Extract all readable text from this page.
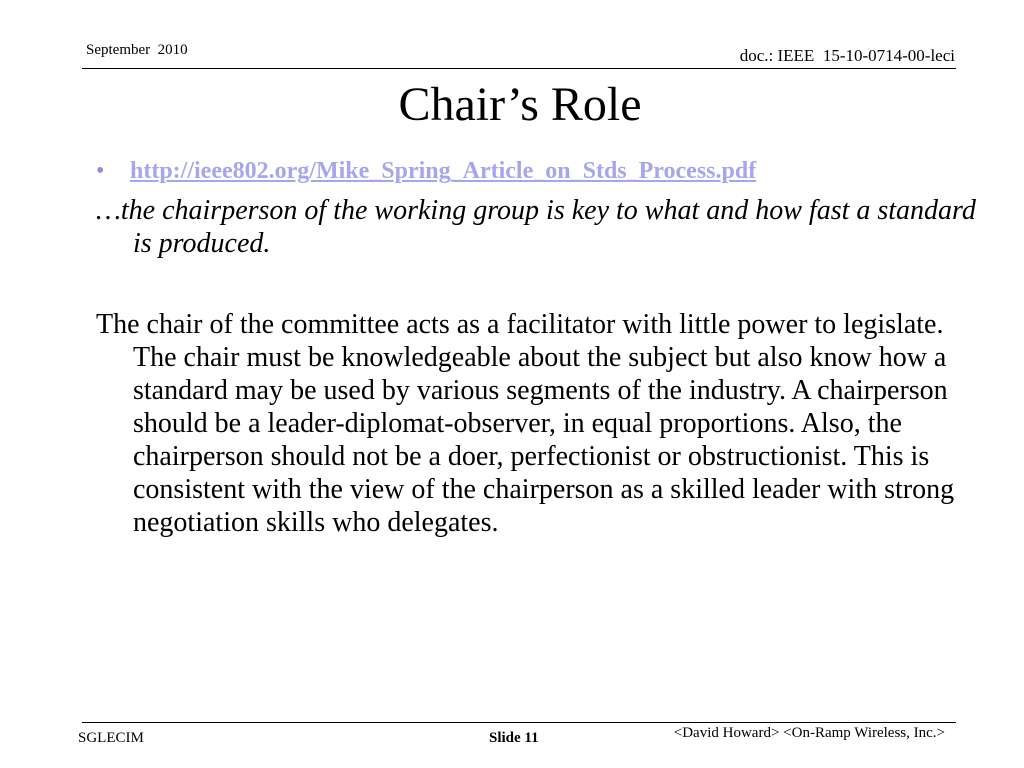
September  2010	doc.: IEEE  15-10-0714-00-leci
Chair’s Role
• http://ieee802.org/Mike_Spring_Article_on_Stds_Process.pdf

…the chairperson of the working group is key to what and how fast a standard is produced.

The chair of the committee acts as a facilitator with little power to legislate. The chair must be knowledgeable about the subject but also know how a standard may be used by various segments of the industry. A chairperson should be a leader-diplomat-observer, in equal proportions. Also, the chairperson should not be a doer, perfectionist or obstructionist. This is consistent with the view of the chairperson as a skilled leader with strong negotiation skills who delegates.

SGLECIM	Slide 11	<David Howard> <On-Ramp Wireless, Inc.>
